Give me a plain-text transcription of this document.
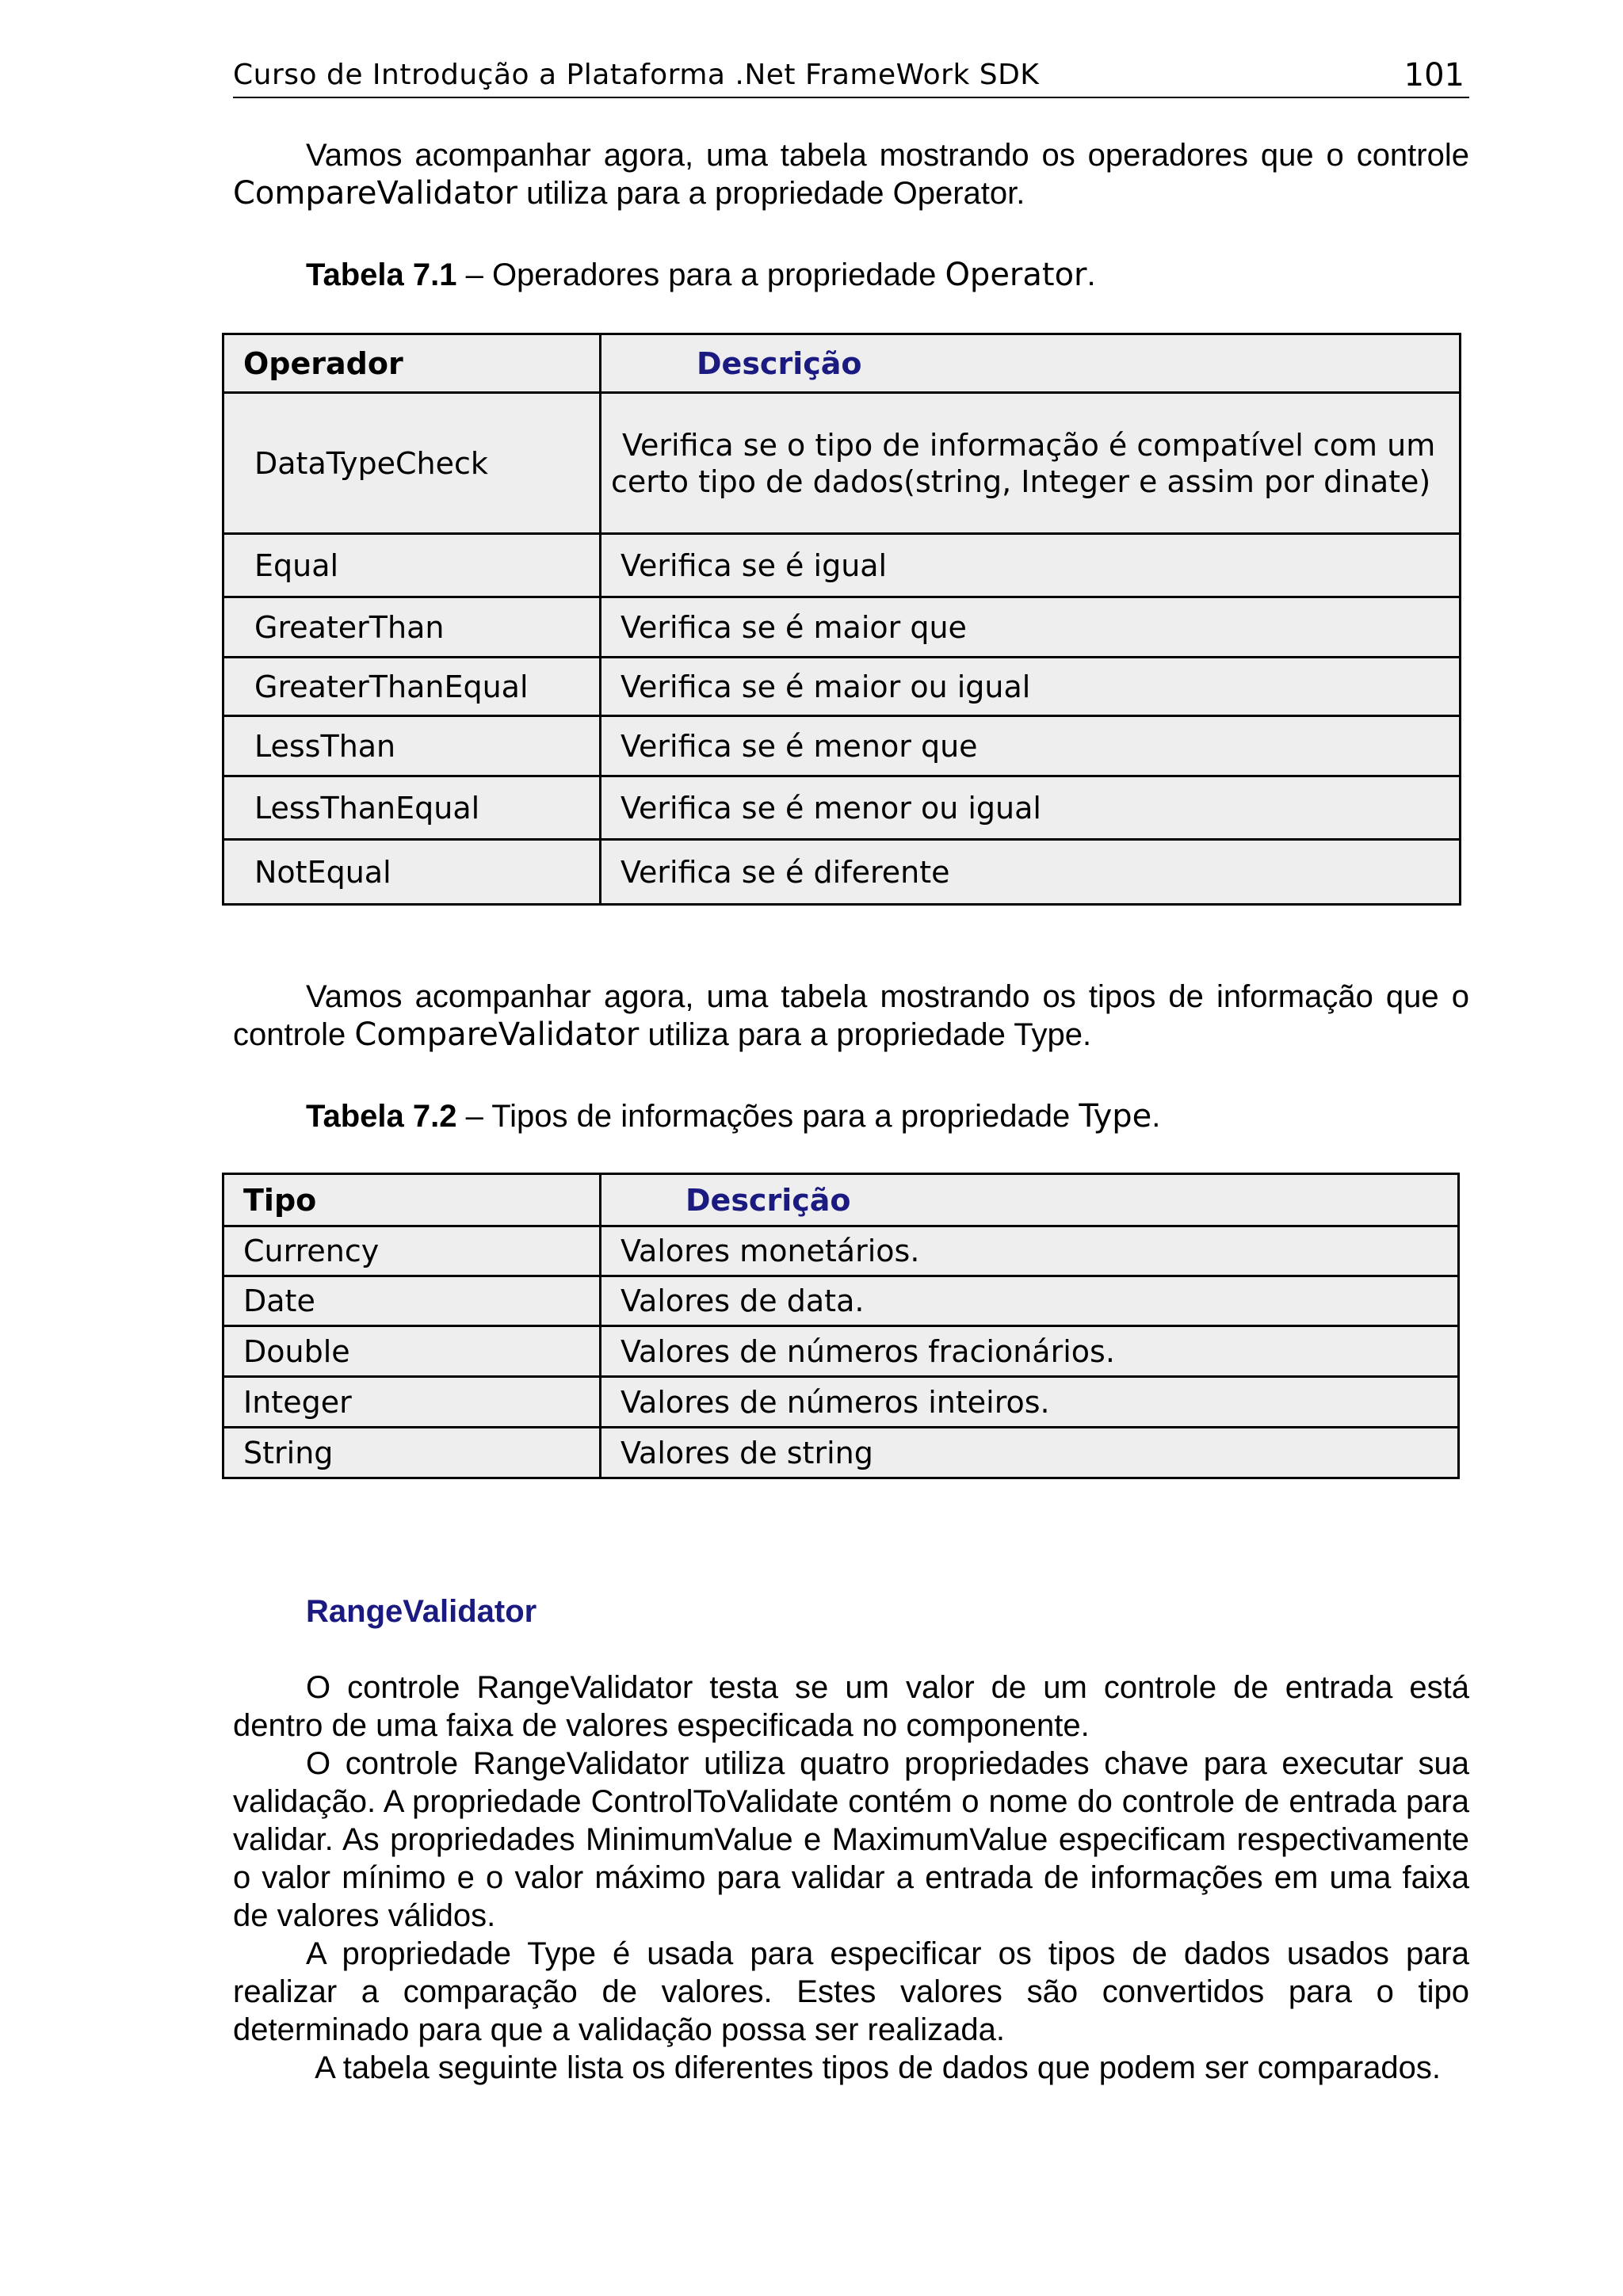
Curso de Introdução a Plataforma .Net FrameWork SDK	101

Vamos acompanhar agora, uma tabela mostrando os operadores que o controle CompareValidator utiliza para a propriedade Operator.

Tabela 7.1 – Operadores para a propriedade Operator.
Operador	Descrição
DataTypeCheck	Verifica se o tipo de informação é compatível com um certo tipo de dados(string, Integer e assim por dinate)
Equal	Verifica se é igual
GreaterThan	Verifica se é maior que
GreaterThanEqual	Verifica se é maior ou igual
LessThan	Verifica se é menor que
LessThanEqual	Verifica se é menor ou igual
NotEqual	Verifica se é diferente

Vamos acompanhar agora, uma tabela mostrando os tipos de informação que o controle CompareValidator utiliza para a propriedade Type.

Tabela 7.2 – Tipos de informações para a propriedade Type.
Tipo	Descrição
Currency	Valores monetários.
Date	Valores de data.
Double	Valores de números fracionários.
Integer	Valores de números inteiros.
String	Valores de string
RangeValidator

O controle RangeValidator testa se um valor de um controle de entrada está dentro de uma faixa de valores especificada no componente.

O controle RangeValidator utiliza quatro propriedades chave para executar sua validação. A propriedade ControlToValidate contém o nome do controle de entrada para validar. As propriedades MinimumValue e MaximumValue especificam respectivamente o valor mínimo e o valor máximo para validar a entrada de informações em uma faixa de valores válidos.

A propriedade Type é usada para especificar os tipos de dados usados para realizar a comparação de valores. Estes valores são convertidos para o tipo determinado para que a validação possa ser realizada.

A tabela seguinte lista os diferentes tipos de dados que podem ser comparados.
